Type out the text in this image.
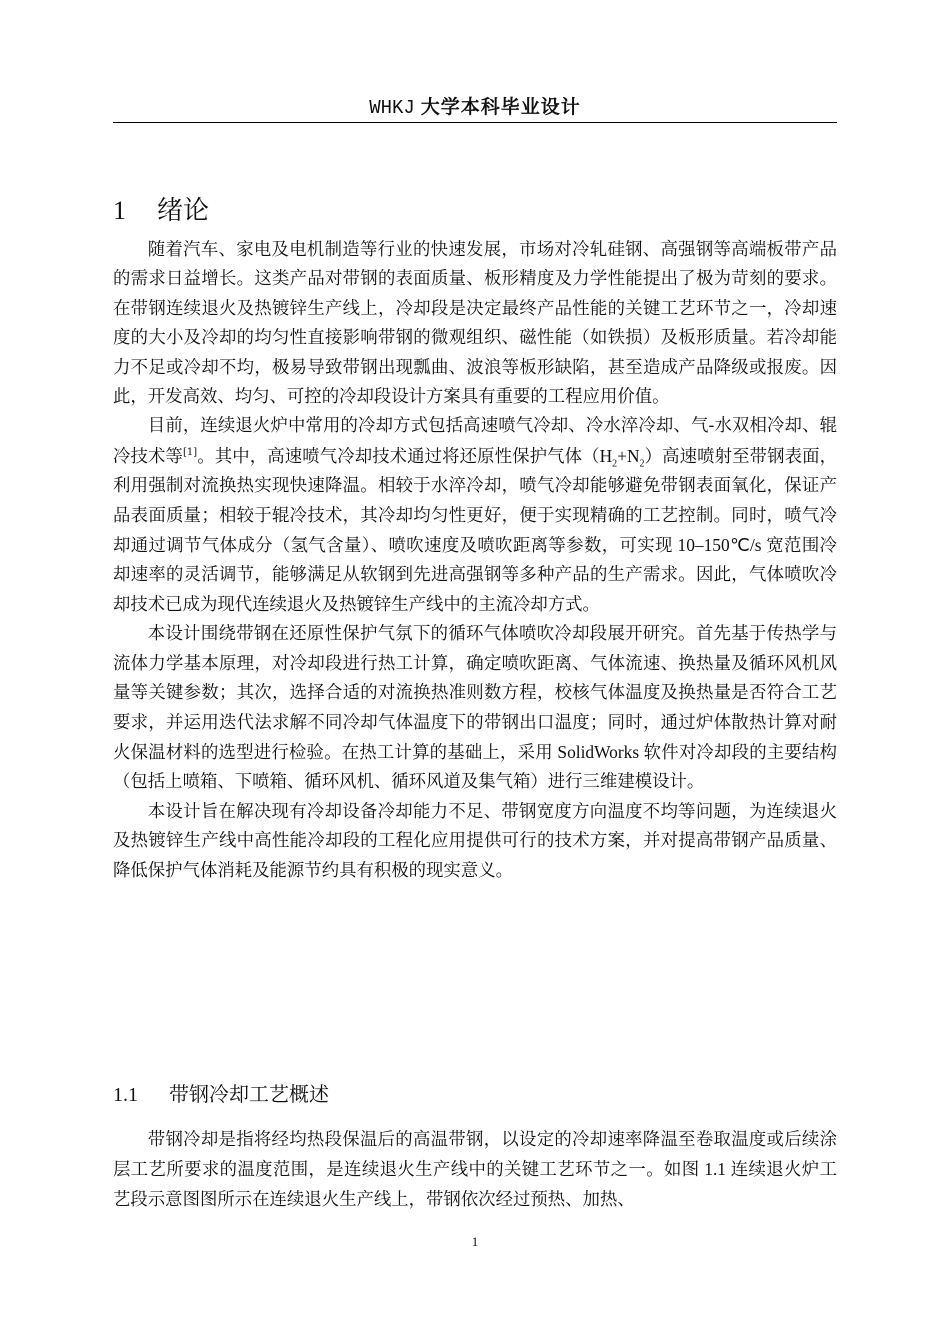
WHKJ 大学本科毕业设计
1 绪论

随着汽车、家电及电机制造等行业的快速发展，市场对冷轧硅钢、高强钢等高端板带产品的需求日益增长。这类产品对带钢的表面质量、板形精度及力学性能提出了极为苛刻的要求。在带钢连续退火及热镀锌生产线上，冷却段是决定最终产品性能的关键工艺环节之一，冷却速度的大小及冷却的均匀性直接影响带钢的微观组织、磁性能（如铁损）及板形质量。若冷却能力不足或冷却不均，极易导致带钢出现瓢曲、波浪等板形缺陷，甚至造成产品降级或报废。因此，开发高效、均匀、可控的冷却段设计方案具有重要的工程应用价值。

目前，连续退火炉中常用的冷却方式包括高速喷气冷却、冷水淬冷却、气-水双相冷却、辊冷技术等[1]。其中，高速喷气冷却技术通过将还原性保护气体$(H_2+N_2)$高速喷射至带钢表面，利用强制对流换热实现快速降温。相较于水淬冷却，喷气冷却能够避免带钢表面氧化，保证产品表面质量；相较于辊冷技术，其冷却均匀性更好，便于实现精确的工艺控制。同时，喷气冷却通过调节气体成分（氢气含量）、喷吹速度及喷吹距离等参数，可实现 10–150℃/s 宽范围冷却速率的灵活调节，能够满足从软钢到先进高强钢等多种产品的生产需求。因此，气体喷吹冷却技术已成为现代连续退火及热镀锌生产线中的主流冷却方式。

本设计围绕带钢在还原性保护气氛下的循环气体喷吹冷却段展开研究。首先基于传热学与流体力学基本原理，对冷却段进行热工计算，确定喷吹距离、气体流速、换热量及循环风机风量等关键参数；其次，选择合适的对流换热准则数方程，校核气体温度及换热量是否符合工艺要求，并运用迭代法求解不同冷却气体温度下的带钢出口温度；同时，通过炉体散热计算对耐火保温材料的选型进行检验。在热工计算的基础上，采用 SolidWorks 软件对冷却段的主要结构（包括上喷箱、下喷箱、循环风机、循环风道及集气箱）进行三维建模设计。

本设计旨在解决现有冷却设备冷却能力不足、带钢宽度方向温度不均等问题，为连续退火及热镀锌生产线中高性能冷却段的工程化应用提供可行的技术方案，并对提高带钢产品质量、降低保护气体消耗及能源节约具有积极的现实意义。

1.1 带钢冷却工艺概述

带钢冷却是指将经均热段保温后的高温带钢，以设定的冷却速率降温至卷取温度或后续涂层工艺所要求的温度范围，是连续退火生产线中的关键工艺环节之一。如图 1.1 连续退火炉工艺段示意图图所示在连续退火生产线上，带钢依次经过预热、加热、

1
